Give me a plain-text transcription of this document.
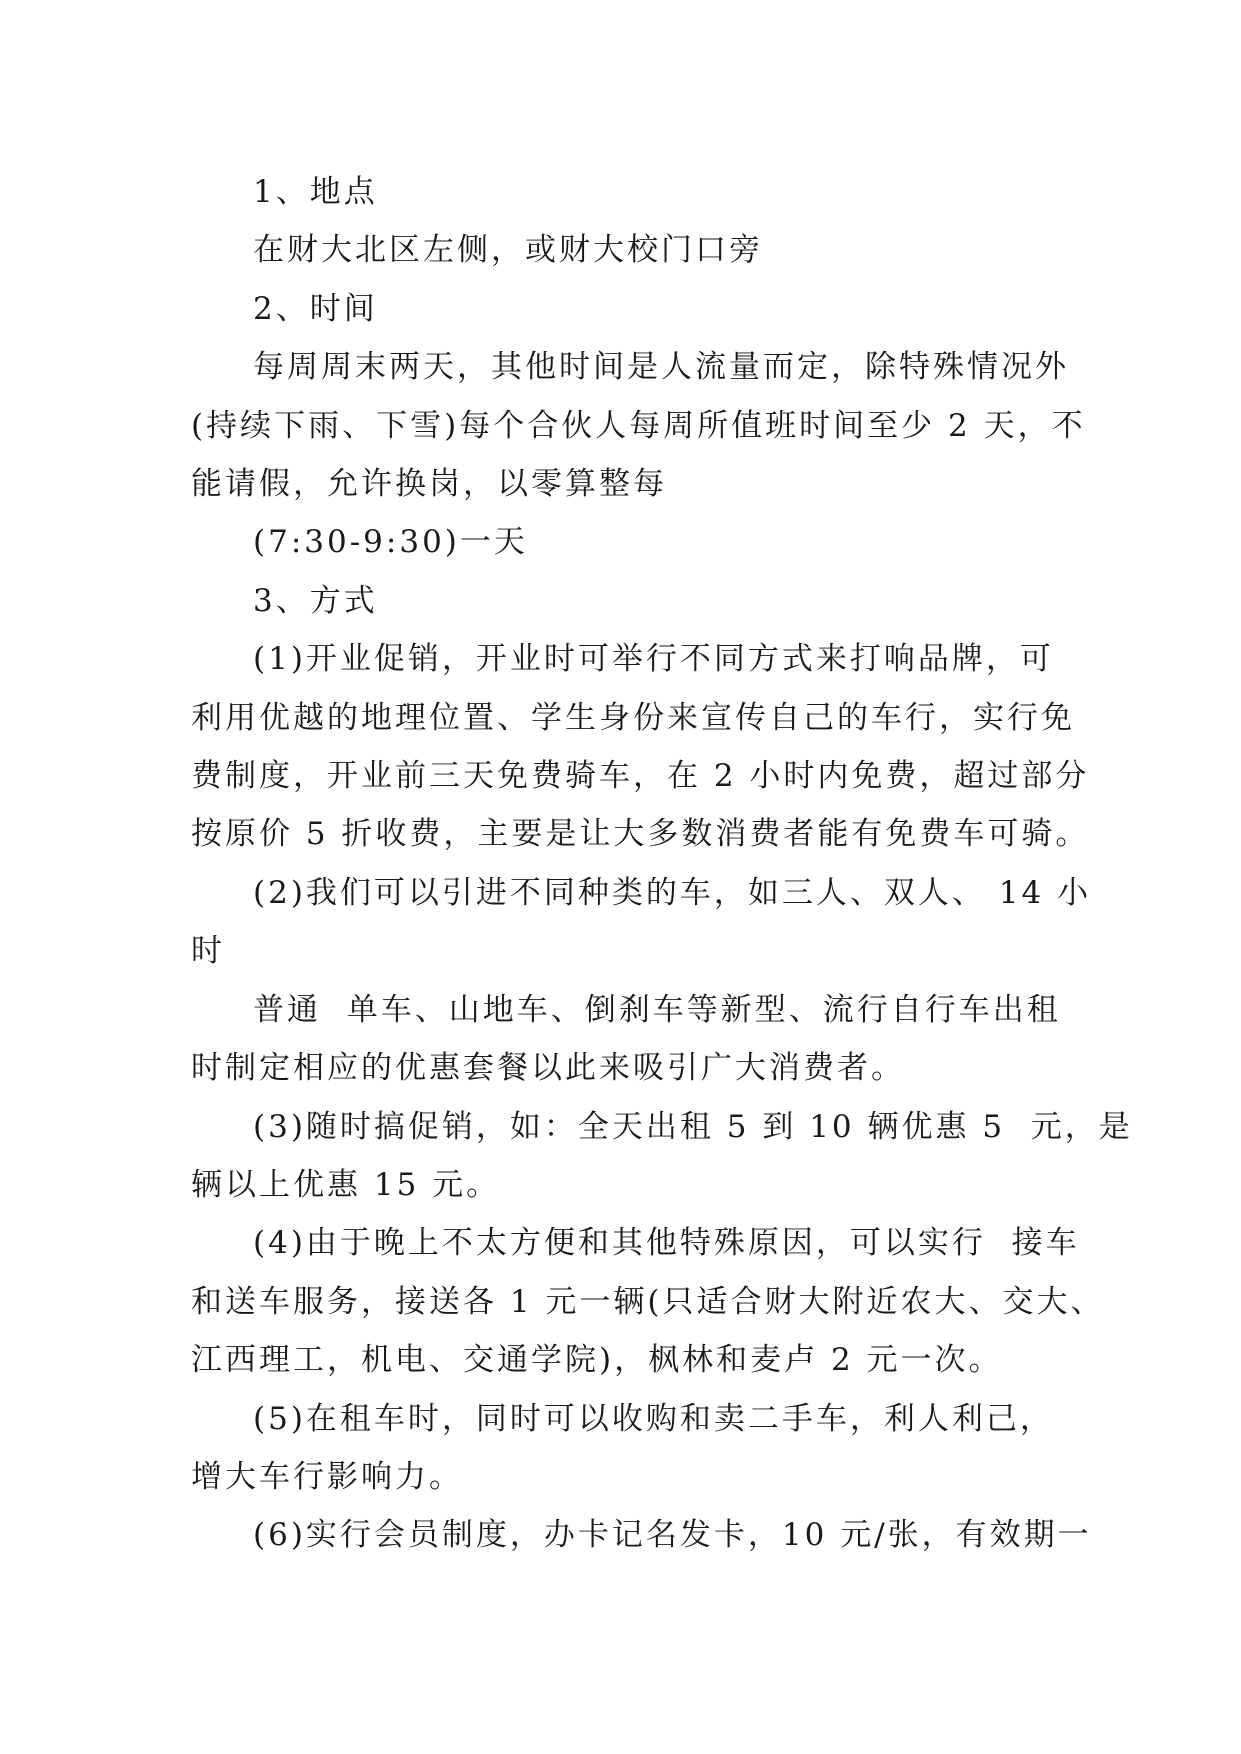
1、地点
在财大北区左侧，或财大校门口旁
2、时间
每周周末两天，其他时间是人流量而定，除特殊情况外
(持续下雨、下雪)每个合伙人每周所值班时间至少 2 天，不
能请假，允许换岗，以零算整每
(7:30-9:30)一天
3、方式
(1)开业促销，开业时可举行不同方式来打响品牌，可
利用优越的地理位置、学生身份来宣传自己的车行，实行免
费制度，开业前三天免费骑车，在 2 小时内免费，超过部分
按原价 5 折收费，主要是让大多数消费者能有免费车可骑。
(2)我们可以引进不同种类的车，如三人、双人、 14 小
时
普通  单车、山地车、倒刹车等新型、流行自行车出租
时制定相应的优惠套餐以此来吸引广大消费者。
(3)随时搞促销，如：全天出租 5 到 10 辆优惠 5  元，是
辆以上优惠 15 元。
(4)由于晚上不太方便和其他特殊原因，可以实行  接车
和送车服务，接送各 1 元一辆(只适合财大附近农大、交大、
江西理工，机电、交通学院)，枫林和麦卢 2 元一次。
(5)在租车时，同时可以收购和卖二手车，利人利己，
增大车行影响力。
(6)实行会员制度，办卡记名发卡，10 元/张，有效期一
